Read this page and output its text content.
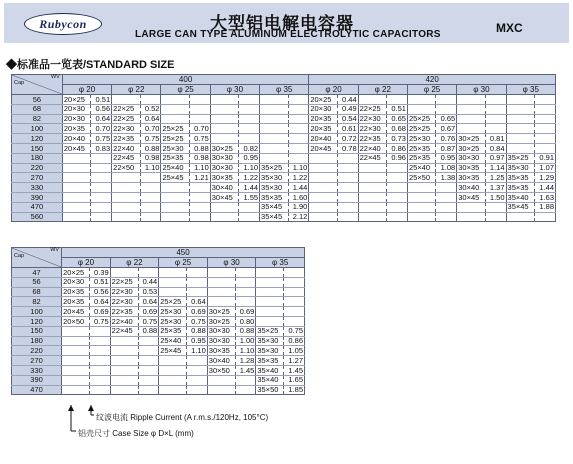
Rubycon	大型铝电解电容器
LARGE CAN TYPE ALUMINUM ELECTROLYTIC CAPACITORS	MXC
◆标准品一览表/STANDARD SIZE
WV
Cap	400										420									
	φ 20		φ 22		φ 25		φ 30		φ 35		φ 20		φ 22		φ 25		φ 30		φ 35	
56	20×25	0.51									20×25	0.44								
68	20×30	0.56	22×25	0.52							20×30	0.49	22×25	0.51						
82	20×30	0.64	22×25	0.64							20×35	0.54	22×30	0.65	25×25	0.65				
100	20×35	0.70	22×30	0.70	25×25	0.70					20×35	0.61	22×30	0.68	25×25	0.67				
120	20×40	0.75	22×35	0.75	25×25	0.75					20×40	0.72	22×35	0.73	25×30	0.76	30×25	0.81		
150	20×45	0.83	22×40	0.88	25×30	0.88	30×25	0.82			20×45	0.78	22×40	0.86	25×35	0.87	30×25	0.84		
180			22×45	0.98	25×35	0.98	30×30	0.95					22×45	0.96	25×35	0.95	30×30	0.97	35×25	0.91
220			22×50	1.10	25×40	1.10	30×30	1.10	35×25	1.10					25×40	1.08	30×35	1.14	35×30	1.07
270					25×45	1.21	30×35	1.22	35×30	1.22					25×50	1.38	30×35	1.25	35×35	1.29
330							30×40	1.44	35×30	1.44							30×40	1.37	35×35	1.44
390							30×45	1.55	35×35	1.60							30×45	1.50	35×40	1.63
470									35×45	1.90									35×45	1.88
560									35×45	2.12										
WV
Cap	450									
	φ 20		φ 22		φ 25		φ 30		φ 35	
47	20×25	0.39								
56	20×30	0.51	22×25	0.44						
68	20×35	0.56	22×30	0.53						
82	20×35	0.64	22×30	0.64	25×25	0.64				
100	20×45	0.69	22×35	0.69	25×30	0.69	30×25	0.69		
120	20×50	0.75	22×40	0.75	25×30	0.75	30×25	0.80		
150			22×45	0.88	25×35	0.88	30×30	0.88	35×25	0.75
180					25×40	0.95	30×30	1.00	35×30	0.86
220					25×45	1.10	30×35	1.10	35×30	1.05
270							30×40	1.28	35×35	1.27
330							30×50	1.45	35×40	1.45
390									35×40	1.65
470									35×50	1.85
纹波电流 Ripple Current (A r.m.s./120Hz, 105°C)
铝壳尺寸 Case Size φ D×L (mm)
